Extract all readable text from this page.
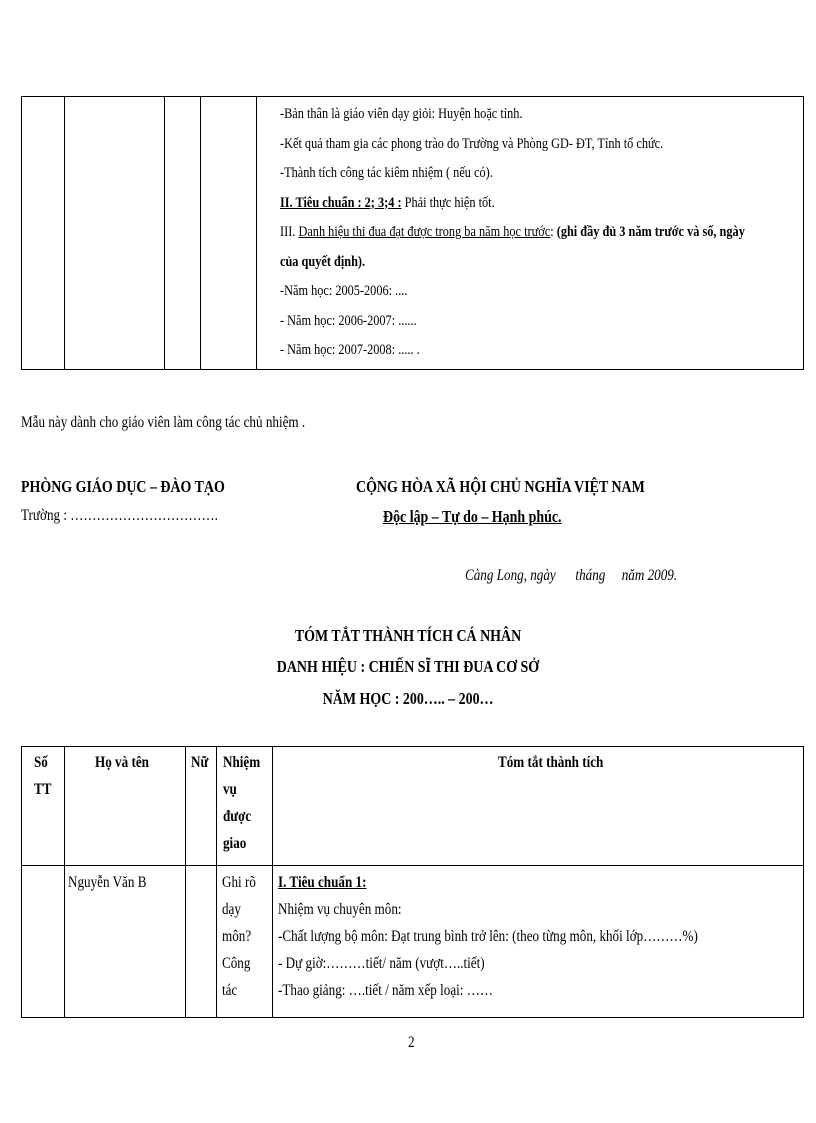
-Bản thân là giáo viên dạy giỏi: Huyện hoặc tỉnh.
-Kết quả tham gia các phong trào do Trường và Phòng GD- ĐT, Tỉnh tổ chức.
-Thành tích công tác kiêm nhiệm ( nếu có).
II. Tiêu chuẩn : 2; 3;4 : Phải thực hiện tốt.
III. Danh hiệu thi đua đạt được trong ba năm học trước: (ghi đầy đủ 3 năm trước và số, ngày
của quyết định).
-Năm học: 2005-2006: ....
- Năm học: 2006-2007: ......
- Năm học: 2007-2008: ..... .
Mẫu này dành cho giáo viên làm công tác chủ nhiệm .
PHÒNG GIÁO DỤC – ĐÀO TẠO
Trường : …………………………….
CỘNG HÒA XÃ HỘI CHỦ NGHĨA VIỆT NAM
Độc lập – Tự do – Hạnh phúc.
Càng Long, ngày      tháng     năm 2009.
TÓM TẮT THÀNH TÍCH CÁ NHÂN
DANH HIỆU : CHIẾN SĨ THI ĐUA CƠ SỞ
NĂM HỌC : 200….. – 200…
Số
TT
Họ và tên	Nữ Nhiệm
vụ
được
giao
Tóm tắt thành tích
Nguyễn Văn B	Ghi rõ
dạy
môn?
Công
tác
I. Tiêu chuẩn 1:
Nhiệm vụ chuyên môn:
-Chất lượng bộ môn: Đạt trung bình trở lên: (theo từng môn, khối lớp………%)
- Dự giờ:………tiết/ năm (vượt…..tiết)
-Thao giảng: ….tiết / năm xếp loại: ……
2
